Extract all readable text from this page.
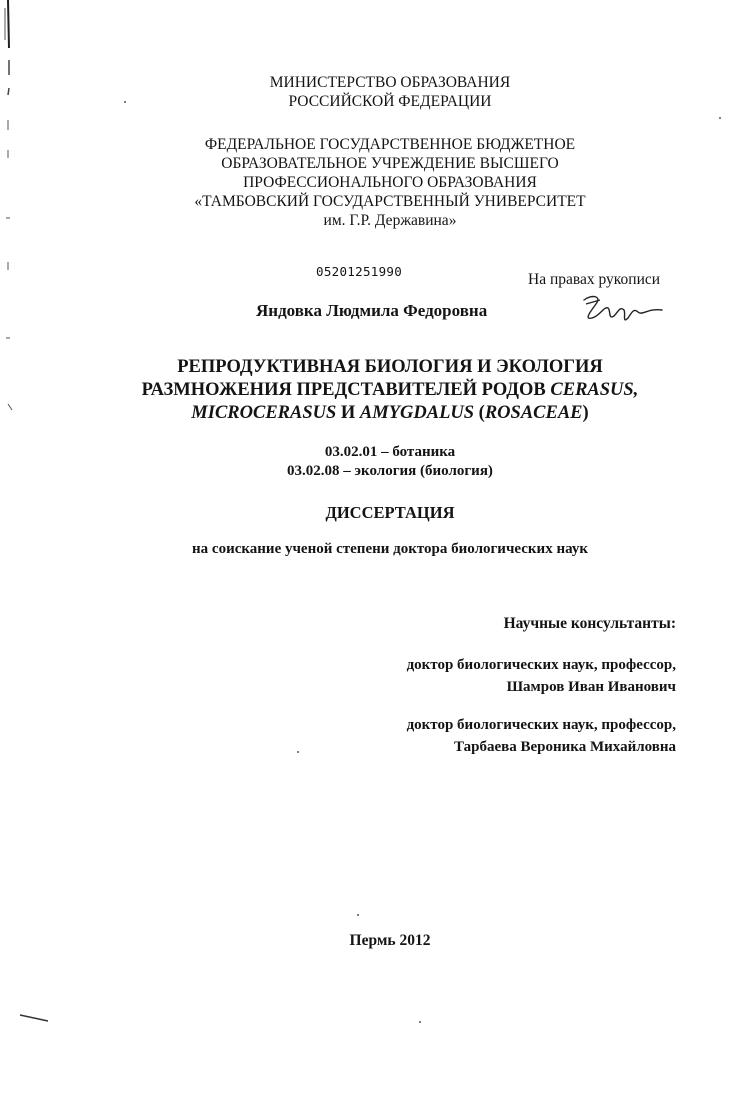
МИНИСТЕРСТВО ОБРАЗОВАНИЯ
РОССИЙСКОЙ ФЕДЕРАЦИИ
ФЕДЕРАЛЬНОЕ ГОСУДАРСТВЕННОЕ БЮДЖЕТНОЕ
ОБРАЗОВАТЕЛЬНОЕ УЧРЕЖДЕНИЕ ВЫСШЕГО
ПРОФЕССИОНАЛЬНОГО ОБРАЗОВАНИЯ
«ТАМБОВСКИЙ ГОСУДАРСТВЕННЫЙ УНИВЕРСИТЕТ
им. Г.Р. Державина»
05201251990	На правах рукописи
Яндовка Людмила Федоровна
РЕПРОДУКТИВНАЯ БИОЛОГИЯ И ЭКОЛОГИЯ
РАЗМНОЖЕНИЯ ПРЕДСТАВИТЕЛЕЙ РОДОВ CERASUS,
MICROCERASUS И AMYGDALUS (ROSACEAE)
03.02.01 – ботаника
03.02.08 – экология (биология)
ДИССЕРТАЦИЯ
на соискание ученой степени доктора биологических наук
Научные консультанты:
доктор биологических наук, профессор,
Шамров Иван Иванович
доктор биологических наук, профессор,
Тарбаева Вероника Михайловна
Пермь 2012
